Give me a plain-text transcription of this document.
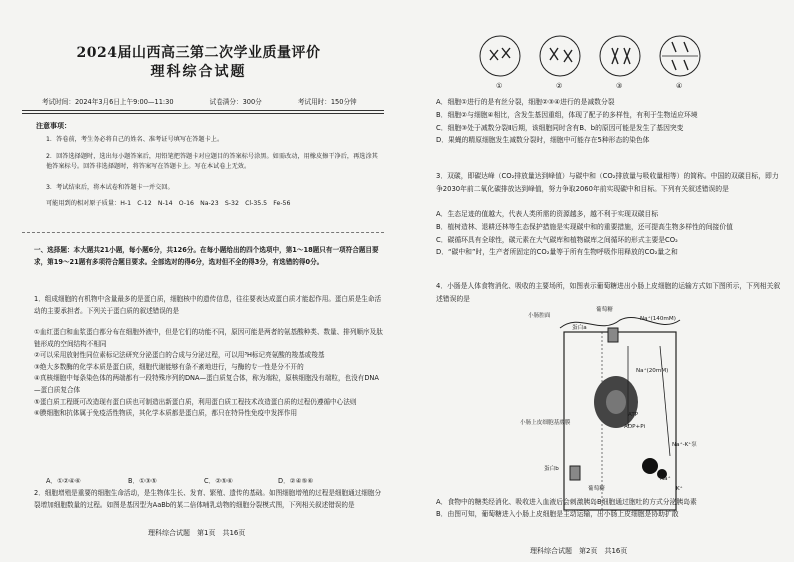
2024届山西高三第二次学业质量评价
理科综合试题
考试时间：2024年3月6日上午9:00—11:30	试卷满分：300分	考试用时：150分钟
注意事项：
1．答卷前，考生务必将自己的姓名、准考证号填写在答题卡上。
2．回答选择题时，选出每小题答案后，用铅笔把答题卡对应题目的答案标号涂黑。如需改动，用橡皮擦干净后，再选涂其他答案标号。回答非选择题时，将答案写在答题卡上。写在本试卷上无效。
3．考试结束后，将本试卷和答题卡一并交回。
可能用到的相对原子质量：H-1　C-12　N-14　O-16　Na-23　S-32　Cl-35.5　Fe-56
一、选择题：本大题共21小题，每小题6分，共126分。在每小题给出的四个选项中，第1～18题只有一项符合题目要求，第19～21题有多项符合题目要求。全部选对的得6分，选对但不全的得3分，有选错的得0分。
1．组成细胞的有机物中含量最多的是蛋白质，细胞核中的遗传信息，往往要表达成蛋白质才能起作用。蛋白质是生命活动的主要承担者。下列关于蛋白质的叙述错误的是
①血红蛋白和血浆蛋白都分布在细胞外液中，但是它们的功能不同，原因可能是两者的氨基酸种类、数量、排列顺序及肽链形成的空间结构不相同
②可以采用放射性同位素标记法研究分泌蛋白的合成与分泌过程，可以用³H标记亮氨酸的羧基或羧基
③绝大多数酶的化学本质是蛋白质，细胞代谢能够有条不紊地进行，与酶的专一性是分不开的
④真核细胞中每条染色体的两端都有一段特殊序列的DNA—蛋白质复合体，称为端粒，原核细胞没有端粒，也没有DNA—蛋白质复合体
⑤蛋白质工程既可改造现有蛋白质也可制造出新蛋白质，利用蛋白质工程技术改造蛋白质的过程仍遵循中心法则
⑥膜细胞和抗体属于免疫活性物质，其化学本质都是蛋白质，都只在特异性免疫中发挥作用
A．①②④⑥	B．①③⑤	C．②⑤⑥	D．②④⑤⑥
2．细胞增殖是重要的细胞生命活动，是生物体生长、发育、繁殖、遗传的基础。如图细胞增殖的过程是细胞通过细胞分裂增加细胞数量的过程。如图是基因型为AaBb的某二倍体哺乳动物的细胞分裂模式图，下列相关叙述错误的是
理科综合试题　第1页　共16页
①	②	③	④
A．细胞①进行的是有丝分裂，细胞②③④进行的是减数分裂
B．细胞②与细胞④相比，含发生基因重组，体现了配子的多样性，有利于生物适应环境
C．细胞③处于减数分裂Ⅱ后期，该细胞同时含有B、b的原因可能是发生了基因突变
D．果蝇的精原细胞发生减数分裂时，细胞中可能存在5种形态的染色体
3．双碳，即碳达峰（CO₂排放量达到峰值）与碳中和（CO₂排放量与吸收量相等）的简称。中国的双碳目标，即力争2030年前二氧化碳排放达到峰值，努力争取2060年前实现碳中和目标。下列有关叙述错误的是
A．生态足迹的值越大，代表人类所需的资源越多，越不利于实现双碳目标
B．植树造林、退耕还林等生态保护措施是实现碳中和的重要措施，还可提高生物多样性的间接价值
C．碳循环具有全球性，碳元素在大气碳库和植物碳库之间循环的形式主要是CO₂
D．“碳中和”时，生产者所固定的CO₂量等于所有生物呼吸作用释放的CO₂量之和
4．小肠是人体食物消化、吸收的主要场所，如图表示葡萄糖进出小肠上皮细胞的运输方式如下图所示，下列相关叙述错误的是
小肠腔面
葡萄糖
蛋白a
Na⁺(140mM)
Na⁺(20mM)
小肠上皮细胞基底膜
ATP
ADP+Pi
Na⁺-K⁺泵
蛋白b
葡萄糖
Na⁺
K⁺
A．食物中的糖类经消化、吸收进入血液后会刺激胰岛B细胞通过胞吐的方式分泌胰岛素
B．由图可知，葡萄糖进入小肠上皮细胞是主动运输，出小肠上皮细胞是协助扩散
理科综合试题　第2页　共16页
